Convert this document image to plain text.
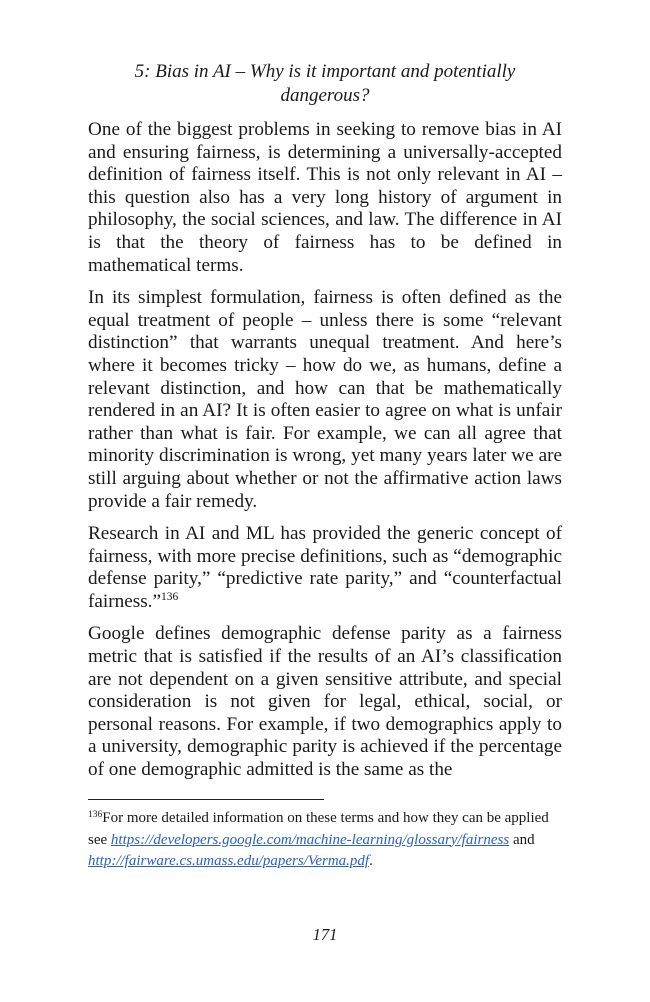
5: Bias in AI – Why is it important and potentially
dangerous?

One of the biggest problems in seeking to remove bias in AI and ensuring fairness, is determining a universally-accepted definition of fairness itself. This is not only relevant in AI – this question also has a very long history of argument in philosophy, the social sciences, and law. The difference in AI is that the theory of fairness has to be defined in mathematical terms.

In its simplest formulation, fairness is often defined as the equal treatment of people – unless there is some “relevant distinction” that warrants unequal treatment. And here’s where it becomes tricky – how do we, as humans, define a relevant distinction, and how can that be mathematically rendered in an AI? It is often easier to agree on what is unfair rather than what is fair. For example, we can all agree that minority discrimination is wrong, yet many years later we are still arguing about whether or not the affirmative action laws provide a fair remedy.

Research in AI and ML has provided the generic concept of fairness, with more precise definitions, such as “demographic defense parity,” “predictive rate parity,” and “counterfactual fairness.”$^{136}$

Google defines demographic defense parity as a fairness metric that is satisfied if the results of an AI’s classification are not dependent on a given sensitive attribute, and special consideration is not given for legal, ethical, social, or personal reasons. For example, if two demographics apply to a university, demographic parity is achieved if the percentage of one demographic admitted is the same as the

$^{136}$For more detailed information on these terms and how they can be applied see https://developers.google.com/machine-learning/glossary/fairness and
http://fairware.cs.umass.edu/papers/Verma.pdf.
171
